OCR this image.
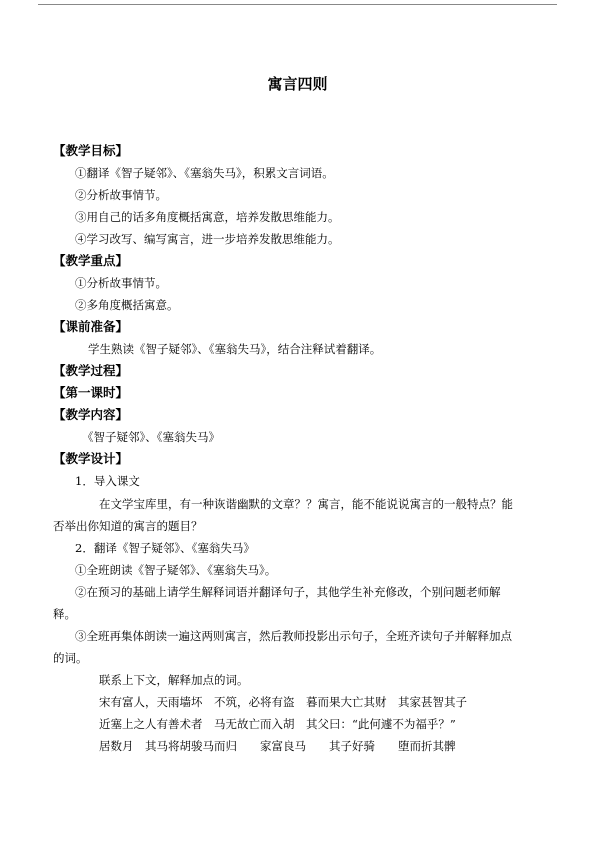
寓言四则
【教学目标】
①翻译《智子疑邻》、《塞翁失马》，积累文言词语。
②分析故事情节。
③用自己的话多角度概括寓意，培养发散思维能力。
④学习改写、编写寓言，进一步培养发散思维能力。
【教学重点】
①分析故事情节。
②多角度概括寓意。
【课前准备】
学生熟读《智子疑邻》、《塞翁失马》，结合注释试着翻译。
【教学过程】
【第一课时】
【教学内容】
《智子疑邻》、《塞翁失马》
【教学设计】
1．导入课文
在文学宝库里，有一种诙谐幽默的文章？？寓言，能不能说说寓言的一般特点？能
否举出你知道的寓言的题目？
2．翻译《智子疑邻》、《塞翁失马》
①全班朗读《智子疑邻》、《塞翁失马》。
②在预习的基础上请学生解释词语并翻译句子，其他学生补充修改，个别问题老师解
释。
③全班再集体朗读一遍这两则寓言，然后教师投影出示句子，全班齐读句子并解释加点
的词。
联系上下文，解释加点的词。
宋有富人，天雨墙坏　不筑，必将有盗　暮而果大亡其财　其家甚智其子
近塞上之人有善术者　马无故亡而入胡　其父曰：“此何遽不为福乎？”
居数月　其马将胡骏马而归　　家富良马　　其子好骑　　堕而折其髀
